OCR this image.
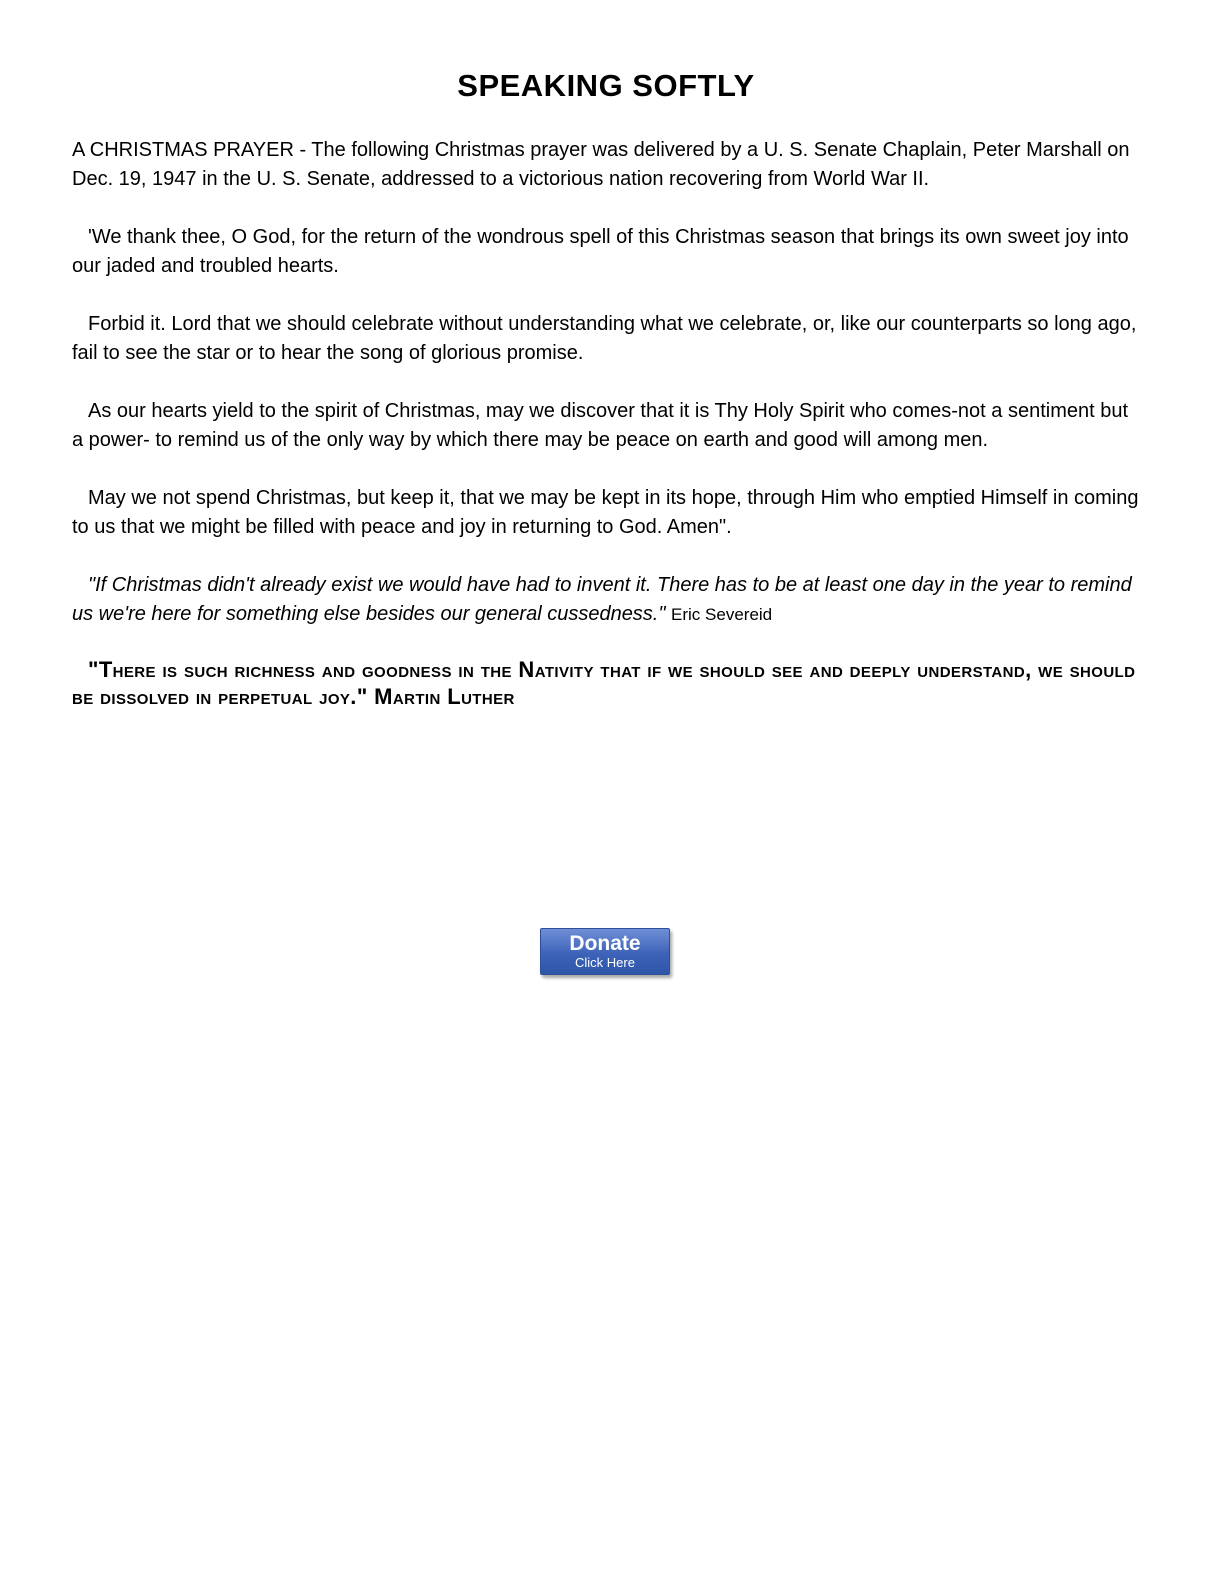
SPEAKING SOFTLY

A CHRISTMAS PRAYER - The following Christmas prayer was delivered by a U. S. Senate Chaplain, Peter Marshall on Dec. 19, 1947 in the U. S. Senate, addressed to a victorious nation recovering from World War II.

'We thank thee, O God, for the return of the wondrous spell of this Christmas season that brings its own sweet joy into our jaded and troubled hearts.

Forbid it. Lord that we should celebrate without understanding what we celebrate, or, like our counterparts so long ago, fail to see the star or to hear the song of glorious promise.

As our hearts yield to the spirit of Christmas, may we discover that it is Thy Holy Spirit who comes-not a sentiment but a power- to remind us of the only way by which there may be peace on earth and good will among men.

May we not spend Christmas, but keep it, that we may be kept in its hope, through Him who emptied Himself in coming to us that we might be filled with peace and joy in returning to God. Amen".

"If Christmas didn't already exist we would have had to invent it. There has to be at least one day in the year to remind us we're here for something else besides our general cussedness." Eric Severeid

"There is such richness and goodness in the Nativity that if we should see and deeply understand, we should be dissolved in perpetual joy." Martin Luther

Donate
Click Here
